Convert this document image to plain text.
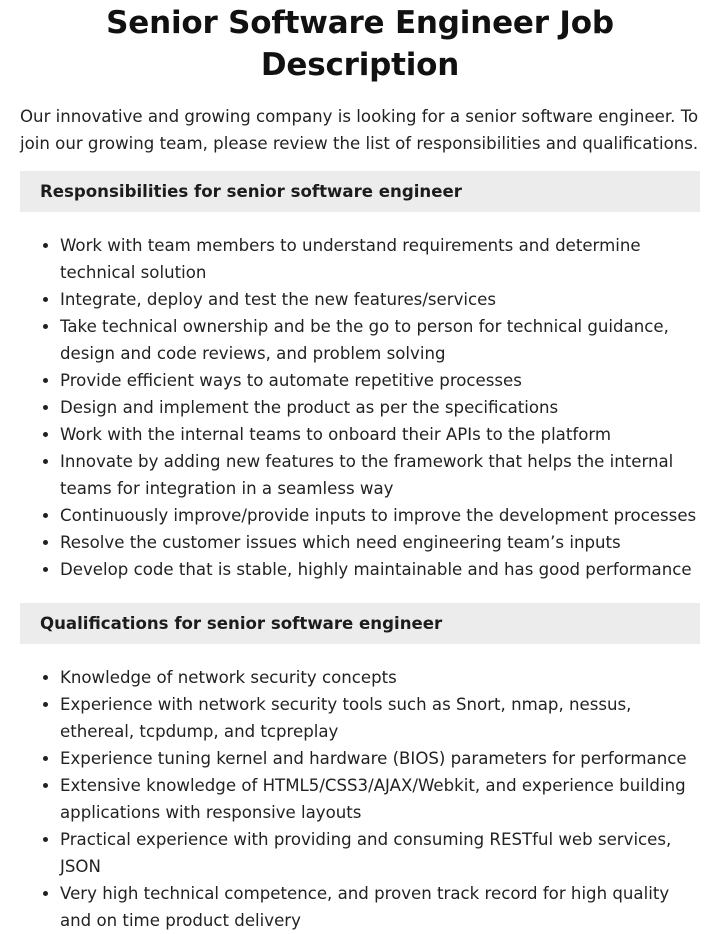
Senior Software Engineer Job Description

Our innovative and growing company is looking for a senior software engineer. To join our growing team, please review the list of responsibilities and qualifications.

Responsibilities for senior software engineer
• Work with team members to understand requirements and determine technical solution
• Integrate, deploy and test the new features/services
• Take technical ownership and be the go to person for technical guidance, design and code reviews, and problem solving
• Provide efficient ways to automate repetitive processes
• Design and implement the product as per the specifications
• Work with the internal teams to onboard their APIs to the platform
• Innovate by adding new features to the framework that helps the internal teams for integration in a seamless way
• Continuously improve/provide inputs to improve the development processes
• Resolve the customer issues which need engineering team’s inputs
• Develop code that is stable, highly maintainable and has good performance
Qualifications for senior software engineer
• Knowledge of network security concepts
• Experience with network security tools such as Snort, nmap, nessus, ethereal, tcpdump, and tcpreplay
• Experience tuning kernel and hardware (BIOS) parameters for performance
• Extensive knowledge of HTML5/CSS3/AJAX/Webkit, and experience building applications with responsive layouts
• Practical experience with providing and consuming RESTful web services, JSON
• Very high technical competence, and proven track record for high quality and on time product delivery
